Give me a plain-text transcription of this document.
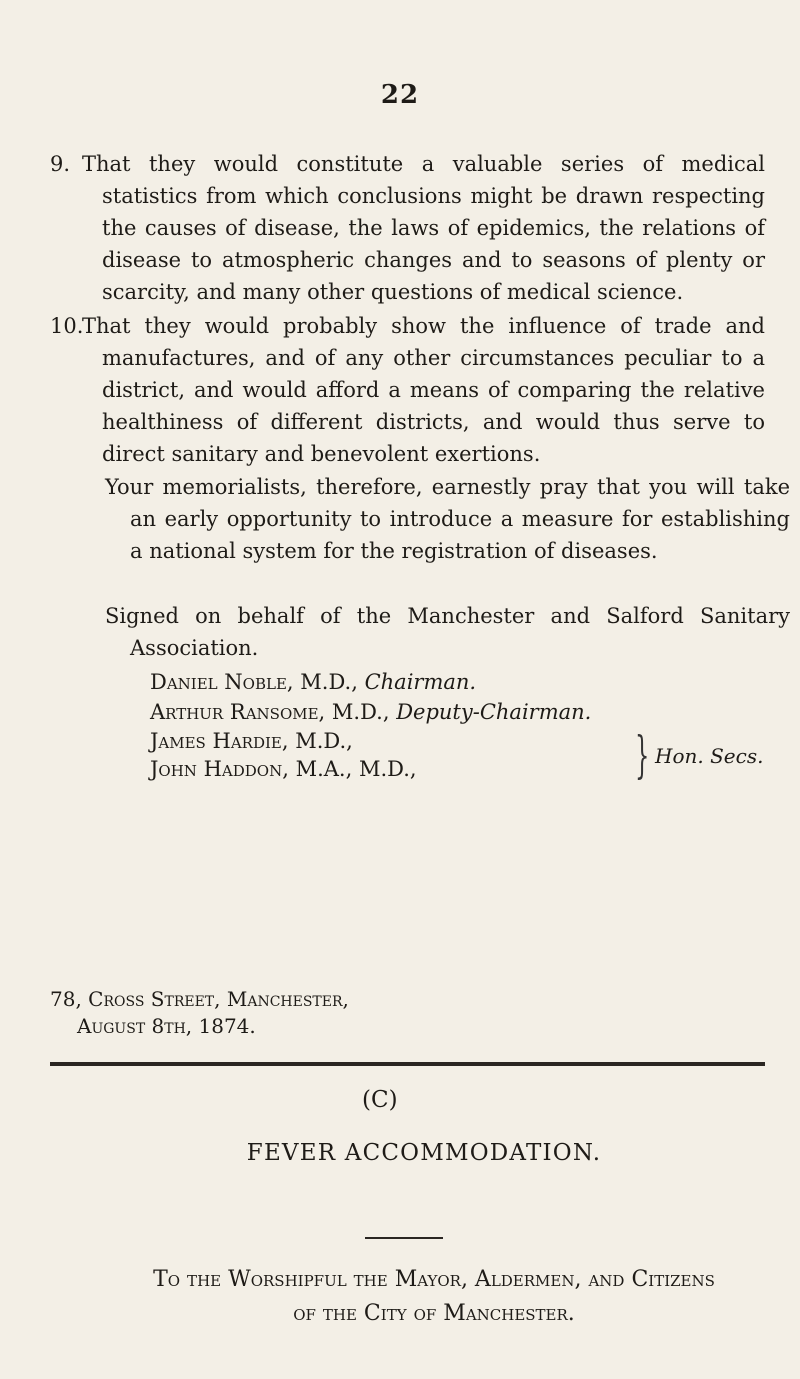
22
9. That they would constitute a valuable series of medical statistics from which conclusions might be drawn respecting the causes of disease, the laws of epidemics, the relations of disease to atmospheric changes and to seasons of plenty or scarcity, and many other questions of medical science.
10.
That they would probably show the influence of trade and manufactures, and of any other circumstances peculiar to a district, and would afford a means of comparing the relative healthiness of different districts, and would thus serve to direct sanitary and benevolent exertions.
Your memorialists, therefore, earnestly pray that you will take an early opportunity to introduce a measure for establishing a national system for the registration of diseases.
Signed on behalf of the Manchester and Salford Sanitary Association.
Daniel Noble, M.D., Chairman.
Arthur Ransome, M.D., Deputy-Chairman.
James Hardie, M.D.,
John Haddon, M.A., M.D.,	} Hon. Secs.
78, Cross Street, Manchester,
August 8th, 1874.
(C)
FEVER ACCOMMODATION.
To the Worshipful the Mayor, Aldermen, and Citizens
of the City of Manchester.
